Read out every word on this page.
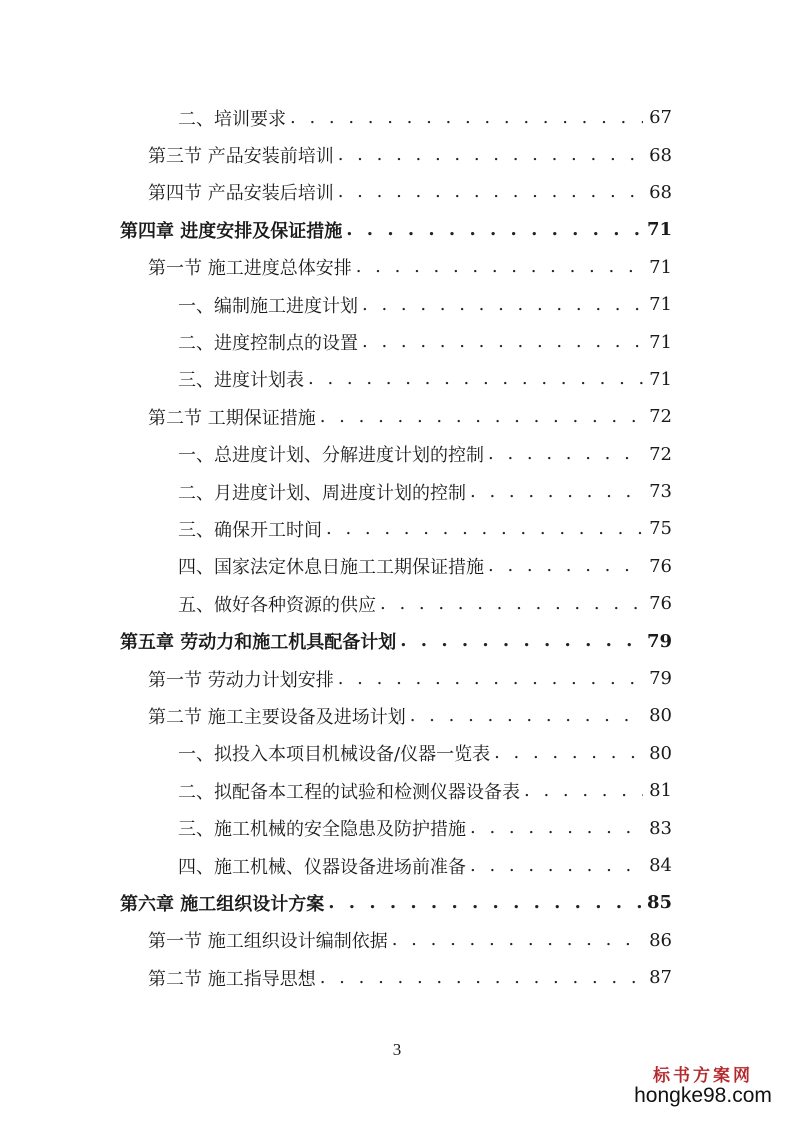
二、培训要求 . . .	67
第三节 产品安装前培训 . . .	68
第四节 产品安装后培训 . . .	68
第四章 进度安排及保证措施 . . .	71
第一节 施工进度总体安排 . . .	71
一、编制施工进度计划 . . .	71
二、进度控制点的设置 . . .	71
三、进度计划表 . . .	71
第二节 工期保证措施 . . .	72
一、总进度计划、分解进度计划的控制 . . .	72
二、月进度计划、周进度计划的控制 . . .	73
三、确保开工时间 . . .	75
四、国家法定休息日施工工期保证措施 . . .	76
五、做好各种资源的供应 . . .	76
第五章 劳动力和施工机具配备计划 . . .	79
第一节 劳动力计划安排 . . .	79
第二节 施工主要设备及进场计划 . . .	80
一、拟投入本项目机械设备/仪器一览表 . . .	80
二、拟配备本工程的试验和检测仪器设备表 . . .	81
三、施工机械的安全隐患及防护措施 . . .	83
四、施工机械、仪器设备进场前准备 . . .	84
第六章 施工组织设计方案 . . .	85
第一节 施工组织设计编制依据 . . .	86
第二节 施工指导思想 . . .	87
3
标书方案网
hongke98.com
